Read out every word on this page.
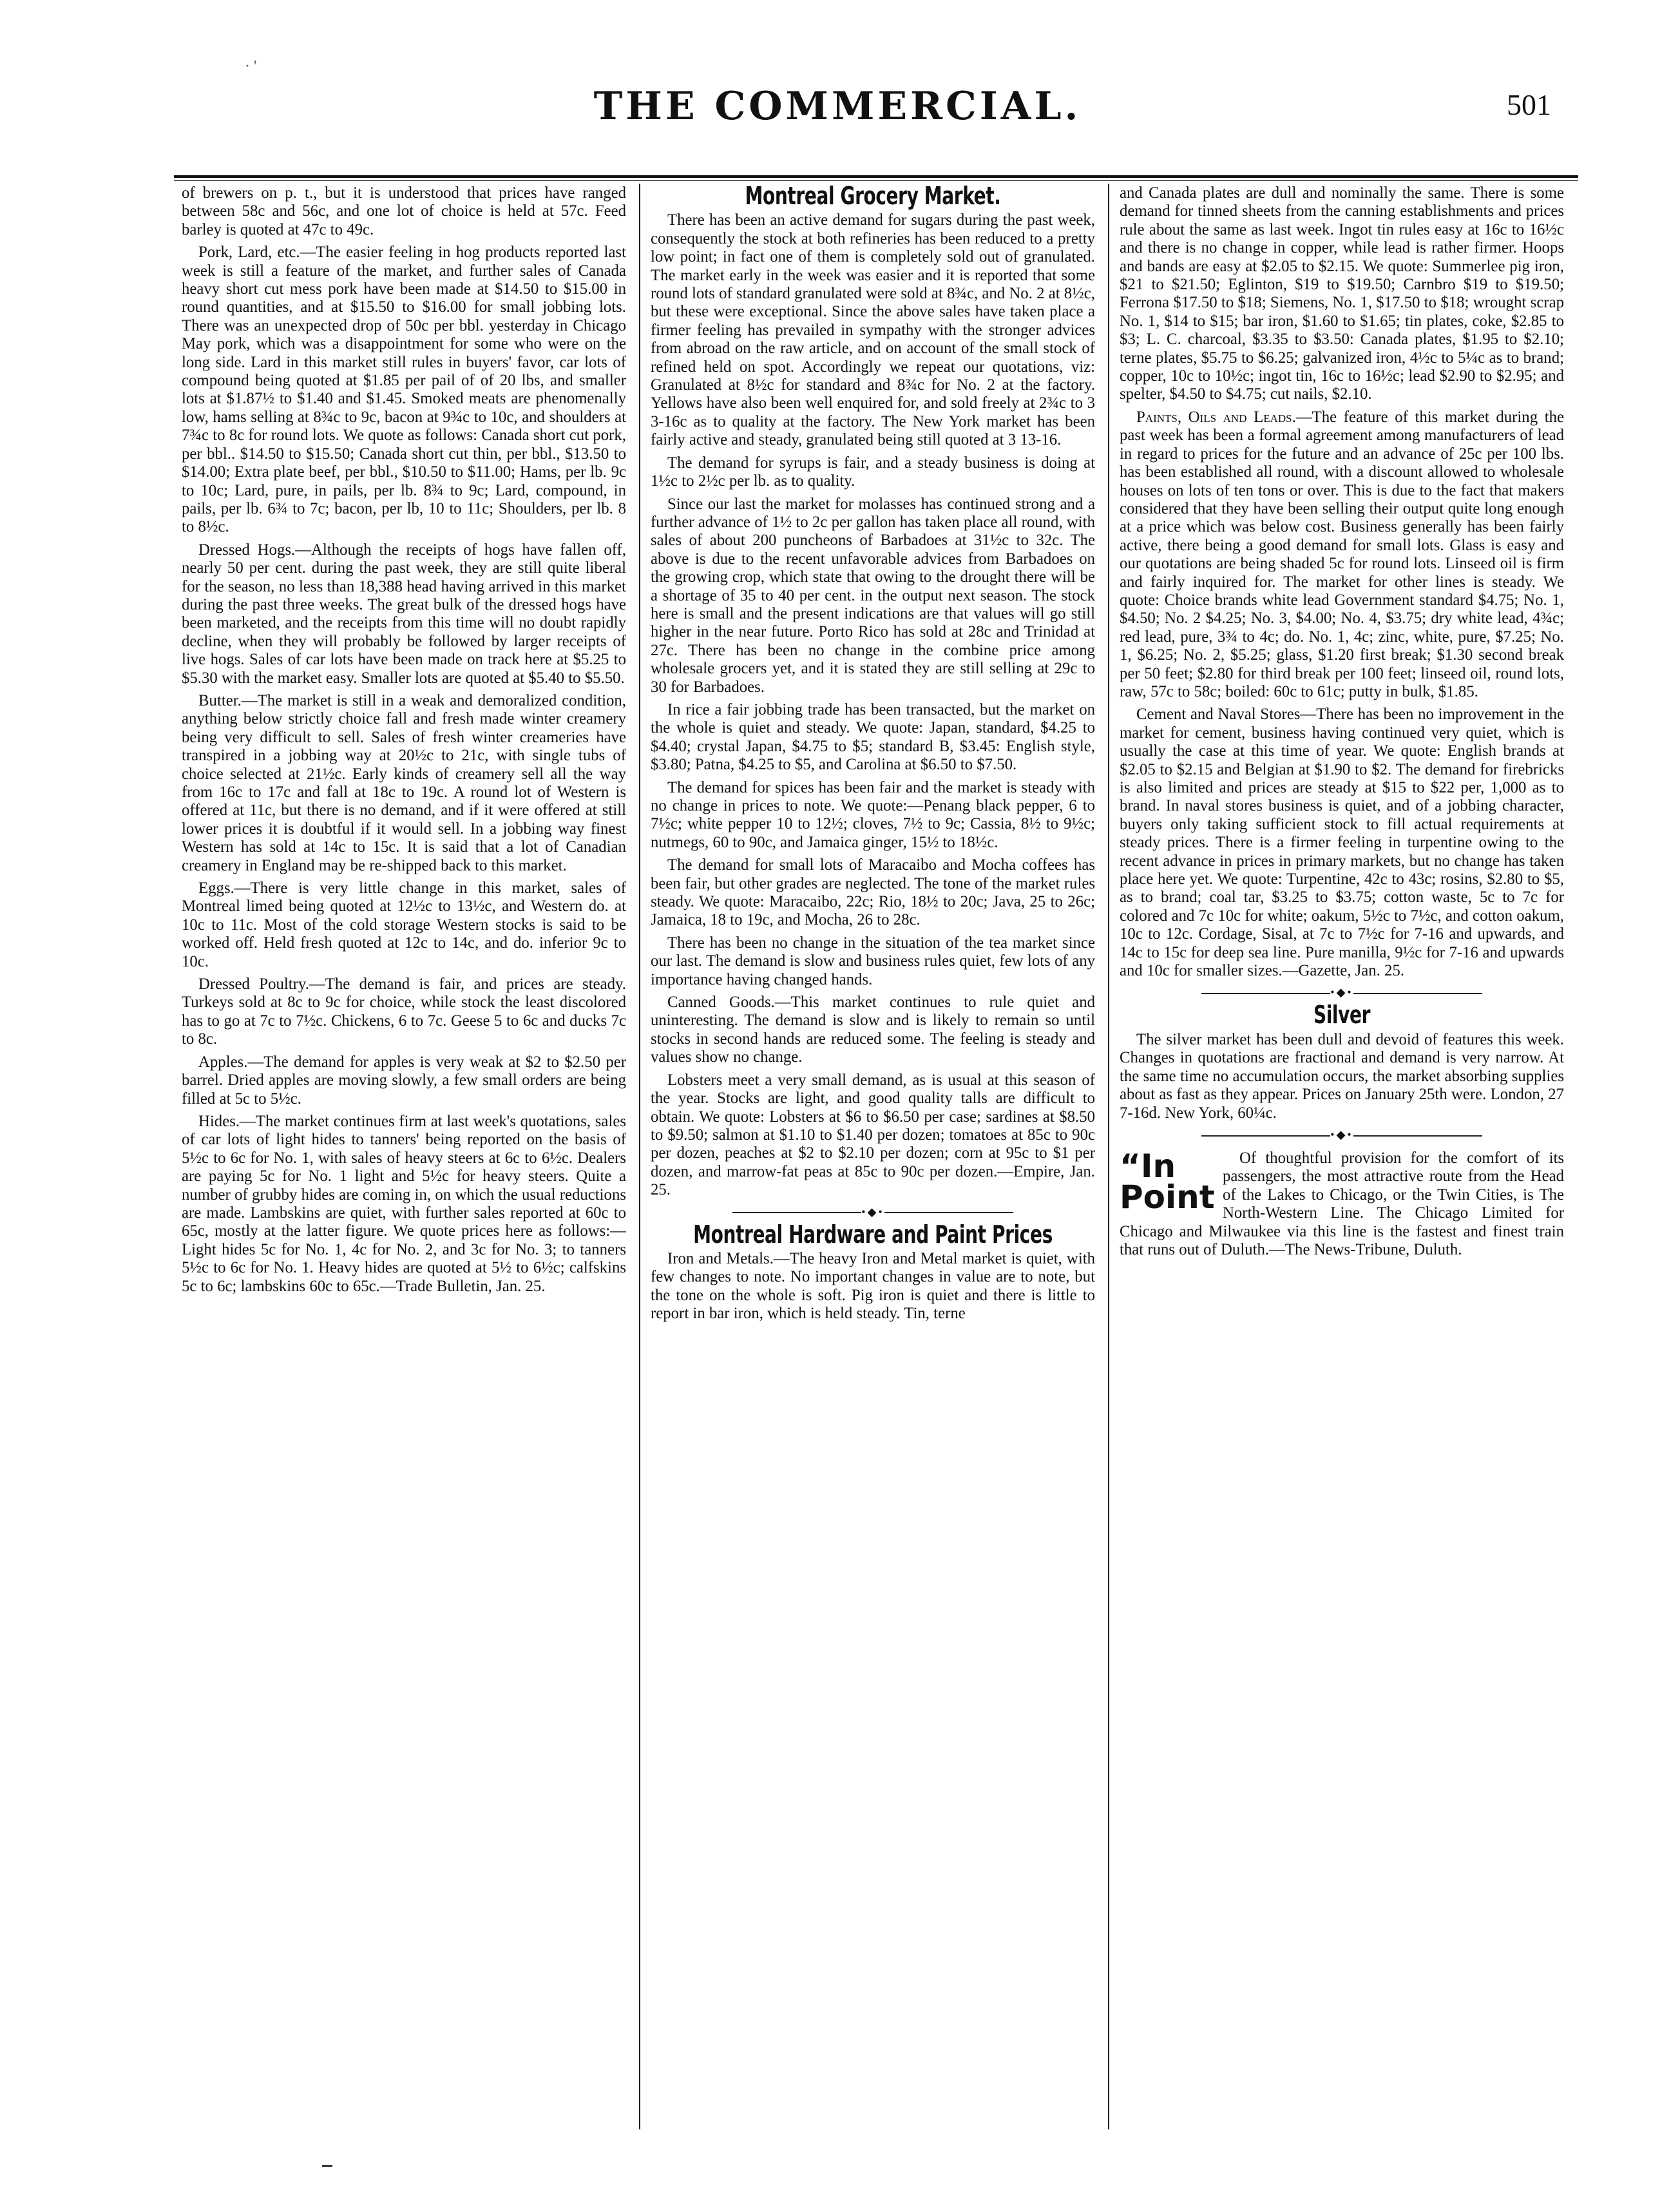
· '
THE COMMERCIAL.	501

of brewers on p. t., but it is understood that prices have ranged between 58c and 56c, and one lot of choice is held at 57c. Feed barley is quoted at 47c to 49c.

Pork, Lard, etc.—The easier feeling in hog products reported last week is still a feature of the market, and further sales of Canada heavy short cut mess pork have been made at $14.50 to $15.00 in round quantities, and at $15.50 to $16.00 for small jobbing lots. There was an unexpected drop of 50c per bbl. yesterday in Chicago May pork, which was a disappointment for some who were on the long side. Lard in this market still rules in buyers' favor, car lots of compound being quoted at $1.85 per pail of of 20 lbs, and smaller lots at $1.87½ to $1.40 and $1.45. Smoked meats are phenomenally low, hams selling at 8¾c to 9c, bacon at 9¾c to 10c, and shoulders at 7¾c to 8c for round lots. We quote as follows: Canada short cut pork, per bbl.. $14.50 to $15.50; Canada short cut thin, per bbl., $13.50 to $14.00; Extra plate beef, per bbl., $10.50 to $11.00; Hams, per lb. 9c to 10c; Lard, pure, in pails, per lb. 8¾ to 9c; Lard, compound, in pails, per lb. 6¾ to 7c; bacon, per lb, 10 to 11c; Shoulders, per lb. 8 to 8½c.

Dressed Hogs.—Although the receipts of hogs have fallen off, nearly 50 per cent. during the past week, they are still quite liberal for the season, no less than 18,388 head having arrived in this market during the past three weeks. The great bulk of the dressed hogs have been marketed, and the receipts from this time will no doubt rapidly decline, when they will probably be followed by larger receipts of live hogs. Sales of car lots have been made on track here at $5.25 to $5.30 with the market easy. Smaller lots are quoted at $5.40 to $5.50.

Butter.—The market is still in a weak and demoralized condition, anything below strictly choice fall and fresh made winter creamery being very difficult to sell. Sales of fresh winter creameries have transpired in a jobbing way at 20½c to 21c, with single tubs of choice selected at 21½c. Early kinds of creamery sell all the way from 16c to 17c and fall at 18c to 19c. A round lot of Western is offered at 11c, but there is no demand, and if it were offered at still lower prices it is doubtful if it would sell. In a jobbing way finest Western has sold at 14c to 15c. It is said that a lot of Canadian creamery in England may be re-shipped back to this market.

Eggs.—There is very little change in this market, sales of Montreal limed being quoted at 12½c to 13½c, and Western do. at 10c to 11c. Most of the cold storage Western stocks is said to be worked off. Held fresh quoted at 12c to 14c, and do. inferior 9c to 10c.

Dressed Poultry.—The demand is fair, and prices are steady. Turkeys sold at 8c to 9c for choice, while stock the least discolored has to go at 7c to 7½c. Chickens, 6 to 7c. Geese 5 to 6c and ducks 7c to 8c.

Apples.—The demand for apples is very weak at $2 to $2.50 per barrel. Dried apples are moving slowly, a few small orders are being filled at 5c to 5½c.

Hides.—The market continues firm at last week's quotations, sales of car lots of light hides to tanners' being reported on the basis of 5½c to 6c for No. 1, with sales of heavy steers at 6c to 6½c. Dealers are paying 5c for No. 1 light and 5½c for heavy steers. Quite a number of grubby hides are coming in, on which the usual reductions are made. Lambskins are quiet, with further sales reported at 60c to 65c, mostly at the latter figure. We quote prices here as follows:—Light hides 5c for No. 1, 4c for No. 2, and 3c for No. 3; to tanners 5½c to 6c for No. 1. Heavy hides are quoted at 5½ to 6½c; calfskins 5c to 6c; lambskins 60c to 65c.—Trade Bulletin, Jan. 25.

Montreal Grocery Market.

There has been an active demand for sugars during the past week, consequently the stock at both refineries has been reduced to a pretty low point; in fact one of them is completely sold out of granulated. The market early in the week was easier and it is reported that some round lots of standard granulated were sold at 8¾c, and No. 2 at 8½c, but these were exceptional. Since the above sales have taken place a firmer feeling has prevailed in sympathy with the stronger advices from abroad on the raw article, and on account of the small stock of refined held on spot. Accordingly we repeat our quotations, viz: Granulated at 8½c for standard and 8¾c for No. 2 at the factory. Yellows have also been well enquired for, and sold freely at 2¾c to 3 3-16c as to quality at the factory. The New York market has been fairly active and steady, granulated being still quoted at 3 13-16.

The demand for syrups is fair, and a steady business is doing at 1½c to 2½c per lb. as to quality.

Since our last the market for molasses has continued strong and a further advance of 1½ to 2c per gallon has taken place all round, with sales of about 200 puncheons of Barbadoes at 31½c to 32c. The above is due to the recent unfavorable advices from Barbadoes on the growing crop, which state that owing to the drought there will be a shortage of 35 to 40 per cent. in the output next season. The stock here is small and the present indications are that values will go still higher in the near future. Porto Rico has sold at 28c and Trinidad at 27c. There has been no change in the combine price among wholesale grocers yet, and it is stated they are still selling at 29c to 30 for Barbadoes.

In rice a fair jobbing trade has been transacted, but the market on the whole is quiet and steady. We quote: Japan, standard, $4.25 to $4.40; crystal Japan, $4.75 to $5; standard B, $3.45: English style, $3.80; Patna, $4.25 to $5, and Carolina at $6.50 to $7.50.

The demand for spices has been fair and the market is steady with no change in prices to note. We quote:—Penang black pepper, 6 to 7½c; white pepper 10 to 12½; cloves, 7½ to 9c; Cassia, 8½ to 9½c; nutmegs, 60 to 90c, and Jamaica ginger, 15½ to 18½c.

The demand for small lots of Maracaibo and Mocha coffees has been fair, but other grades are neglected. The tone of the market rules steady. We quote: Maracaibo, 22c; Rio, 18½ to 20c; Java, 25 to 26c; Jamaica, 18 to 19c, and Mocha, 26 to 28c.

There has been no change in the situation of the tea market since our last. The demand is slow and business rules quiet, few lots of any importance having changed hands.

Canned Goods.—This market continues to rule quiet and uninteresting. The demand is slow and is likely to remain so until stocks in second hands are reduced some. The feeling is steady and values show no change.

Lobsters meet a very small demand, as is usual at this season of the year. Stocks are light, and good quality talls are difficult to obtain. We quote: Lobsters at $6 to $6.50 per case; sardines at $8.50 to $9.50; salmon at $1.10 to $1.40 per dozen; tomatoes at 85c to 90c per dozen, peaches at $2 to $2.10 per dozen; corn at 95c to $1 per dozen, and marrow-fat peas at 85c to 90c per dozen.—Empire, Jan. 25.

•◆•
Montreal Hardware and Paint Prices

Iron and Metals.—The heavy Iron and Metal market is quiet, with few changes to note. No important changes in value are to note, but the tone on the whole is soft. Pig iron is quiet and there is little to report in bar iron, which is held steady. Tin, terne

and Canada plates are dull and nominally the same. There is some demand for tinned sheets from the canning establishments and prices rule about the same as last week. Ingot tin rules easy at 16c to 16½c and there is no change in copper, while lead is rather firmer. Hoops and bands are easy at $2.05 to $2.15. We quote: Summerlee pig iron, $21 to $21.50; Eglinton, $19 to $19.50; Carnbro $19 to $19.50; Ferrona $17.50 to $18; Siemens, No. 1, $17.50 to $18; wrought scrap No. 1, $14 to $15; bar iron, $1.60 to $1.65; tin plates, coke, $2.85 to $3; L. C. charcoal, $3.35 to $3.50: Canada plates, $1.95 to $2.10; terne plates, $5.75 to $6.25; galvanized iron, 4½c to 5¼c as to brand; copper, 10c to 10½c; ingot tin, 16c to 16½c; lead $2.90 to $2.95; and spelter, $4.50 to $4.75; cut nails, $2.10.

Paints, Oils and Leads.—The feature of this market during the past week has been a formal agreement among manufacturers of lead in regard to prices for the future and an advance of 25c per 100 lbs. has been established all round, with a discount allowed to wholesale houses on lots of ten tons or over. This is due to the fact that makers considered that they have been selling their output quite long enough at a price which was below cost. Business generally has been fairly active, there being a good demand for small lots. Glass is easy and our quotations are being shaded 5c for round lots. Linseed oil is firm and fairly inquired for. The market for other lines is steady. We quote: Choice brands white lead Government standard $4.75; No. 1, $4.50; No. 2 $4.25; No. 3, $4.00; No. 4, $3.75; dry white lead, 4¾c; red lead, pure, 3¾ to 4c; do. No. 1, 4c; zinc, white, pure, $7.25; No. 1, $6.25; No. 2, $5.25; glass, $1.20 first break; $1.30 second break per 50 feet; $2.80 for third break per 100 feet; linseed oil, round lots, raw, 57c to 58c; boiled: 60c to 61c; putty in bulk, $1.85.

Cement and Naval Stores—There has been no improvement in the market for cement, business having continued very quiet, which is usually the case at this time of year. We quote: English brands at $2.05 to $2.15 and Belgian at $1.90 to $2. The demand for firebricks is also limited and prices are steady at $15 to $22 per, 1,000 as to brand. In naval stores business is quiet, and of a jobbing character, buyers only taking sufficient stock to fill actual requirements at steady prices. There is a firmer feeling in turpentine owing to the recent advance in prices in primary markets, but no change has taken place here yet. We quote: Turpentine, 42c to 43c; rosins, $2.80 to $5, as to brand; coal tar, $3.25 to $3.75; cotton waste, 5c to 7c for colored and 7c 10c for white; oakum, 5½c to 7½c, and cotton oakum, 10c to 12c. Cordage, Sisal, at 7c to 7½c for 7-16 and upwards, and 14c to 15c for deep sea line. Pure manilla, 9½c for 7-16 and upwards and 10c for smaller sizes.—Gazette, Jan. 25.

•◆•
Silver

The silver market has been dull and devoid of features this week. Changes in quotations are fractional and demand is very narrow. At the same time no accumulation occurs, the market absorbing supplies about as fast as they appear. Prices on January 25th were. London, 27 7-16d. New York, 60¼c.

•◆•
“In Point

Of thoughtful provision for the comfort of its passengers, the most attractive route from the Head of the Lakes to Chicago, or the Twin Cities, is The North-Western Line. The Chicago Limited for Chicago and Milwaukee via this line is the fastest and finest train that runs out of Duluth.—The News-Tribune, Duluth.
